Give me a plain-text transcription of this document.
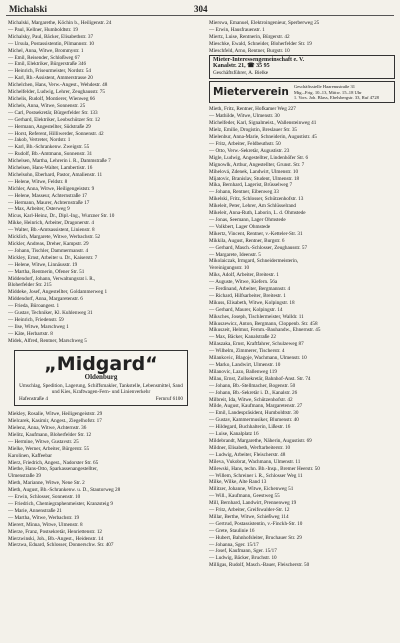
Michalski	304
Michalski, Margarethe, Köchin b., Heiligenstr. 24
— Paul, Kellner, Humboldtstr. 19
Michalsky, Paul, Bäcker, Elisabethstr. 37
— Ursula, Postassistentin, Pilmannstr. 10
Michel, Anna, Witwe, Brommystr. 1
— Emil, Reisender, Schloßweg 67
— Emil, Elektriker, Bürgerstraße 346
— Heinrich, Friseurmeister, Nordstr. 54
— Karl, Rb.-Assistent, Ammerstrasse 20
Michelchen, Hans, Verw.-Angest., Wehdestr. 48
Michelfelder, Ludwig, Lehrer, Zeughausstr. 75
Michelis, Rudolf, Montierer, Wienweg 66
Michels, Anna, Witwe, Sonnenstr. 25
— Carl, Postsekretär, Bürgerfelder Str. 133
— Gerhard, Elektriker, Leobschützer Str. 12
— Hermann, Angestellter, Südstraße 29
— Horst, Referent, Hilliwerder, Sonnenstr. 42
— Jakob, Vertreter, Nordstr. 1
— Karl, Bb.-Schrankenw. Zweigstr. 55
— Rudolf, Bb.-Amtmann, Sonnenstr. 31
Michelsen, Martha, Lehrerin i. R., Dammstraße 7
Michelsen, Hans-Walter, Lambertistr. 16
Michelsohn, Eberhard, Pastor, Amalienstr. 11
— Helene, Witwe, Feldstr. 8
Michler, Anna, Witwe, Heiligengeiststr. 9
— Helene, Masseur, Achternstraße 17
— Hermann, Maurer, Achternstraße 17
— Max, Arbeiter, Osterweg 9
Micus, Karl-Heinz, Dr., Dipl.-Ing., Wurzner Str. 10
Mikke, Heinrich, Arbeiter, Dragonerstr. 4
— Walter, Bb.-Amtsassistent, Linienstr. 8
Micklich, Margarete, Witwe, Werbachstr. 52
Mickler, Andreas, Dreher, Kampstr. 29
— Johann, Tischler, Dammermanstr. 4
Mickley, Ernst, Arbeiter u. Dr., Kaiserstr. 7
— Helene, Witwe, Linnäusstr. 19
— Martha, Rentnerin, Ofener Str. 51
Middendorf, Johann, Verwaltungsrat i. R.,
Bloherfelder Str. 215
Middeke, Josef, Angestellter, Goldammerweg 1
Middendorf, Anna, Margaretenstr. 6
— Frieda, Büroangest. 1
— Gustav, Techniker, Kl. Kuhlenweg 31
— Heinrich, Friedenstr. 59
— Ilse, Witwe, Marschweg 1
— Käte, Herbartstr. 8
Midek, Alfred, Rentner, Marschweg 5
„Midgard“
Oldenburg
Umschlag, Spedition, Lagerung, Schiffsmakler, Tankstelle, Lebensmittel, Sand und Kies, Kraftwagen-Fern- und Linienverkehr
Hafenstraße 4	Fernruf 6100
Miekley, Rosalie, Witwe, Heiligengeiststr. 29
Mielcarek, Kasimir, Angest., Ziegelhofstr. 17
Mielenz, Anna, Witwe, Achternstr. 36
Mielitz, Kaufmann, Bloherfelder Str. 12
— Hermine, Witwe, Gustavstr. 25
Mielke, Werner, Arbeiter, Bürgerstr. 55
Karolinen, Kaffeebar
Mierz, Friedrich, Angest., Nadorster Str. 65
Miethe, Hans-Otto, Sparkassenangestellter,
Ulmenstraße 39
Mieth, Marianne, Witwe, Nene Str. 2
Mieth, August, Bb.-Schrankenw. u. D., Stautorweg 28
— Erwin, Schlosser, Sonnenstr. 10
— Friedrich, Chemiegraphenmeister, Kranzsteig 9
— Marie, Annenstraße 21
— Martha, Witwe, Werbachstr. 19
Mierert, Minna, Witwe, Ulmenstr. 8
Mierze, Franz, Postsekretär, Henriettenstr. 12
Mierzwinski, Joh., Bb.-Angest., Heidenstr. 14
Mierzwa, Eduard, Schlosser, Donnerschw. Str. 407
Mierswa, Emanuel, Elektroingenieur, Sperberweg 25
— Erwin, Hausfrauenstr. 1
Miertz, Luise, Rentnerin, Bürgerstr. 42
Mieschke, Ewald, Schneider, Bloherfelder Str. 19
Mieschfeld, Arno, Rentner, Burgstr. 10
Mieter-Interessengemeinschaft e. V.
Kanalstr. 21, ☎ 35 95
Geschäftsführer, A. Bielke
Mieterverein Geschäftsstelle Haarenustraße 31
Mtg.–Frtg. 10–13, Mittw. 15–18 Uhr
1. Vors. Joh. Blass, Ebelsbergstr. 33, Ruf 4728
Mieth, Fritz, Rentner, Hofkamer Weg 227
— Mathilde, Witwe, Ulmenstr. 30
Michelfeder, Karl, Signalmeist., Wallensteinweg 41
Mielz, Emilie, Drogistin, Breslauer Str. 35
Mielenbur, Anna-Marie, Schneiderin, Augustistr. 45
— Fritz, Arbeiter, Feldbeuthstr. 50
— Otto, Verw.-Sekretär, Augustistr. 23
Migle, Ludwig, Angestellter, Lindenhöfer Str. 6
Mignowlk, Arthur, Angestellter, Grunst. Str. 7
Mihelová, Zdenek, Landwirt, Ulmenstr. 10
Mijatovic, Branislav, Student, Ulmenstr. 18
Mika, Bernhard, Lagerist, Brüsselweg 7
— Johann, Rentner, Eibenweg 33
Mikelski, Fritz, Schlosser, Schützenhofstr. 13
Mikeleit, Peter, Lehrer, Am Schlüsselrand
Mikeleit, Anna-Ruth, Laborin, L. d. Ohmstede
— Jonas, Seemann, Lager Ohmstede
— Volkbert, Lager Ohmstede
Mikertz, Vincent, Rentner, v.-Ketteler-Str. 31
Mikkila, August, Rentner, Burgstr. 6
— Gerhard, Masch.-Schlosser, Zeughausstr. 57
— Margarete, Ideenstr. 5
Mikolaiczak, Irmgard, Schneidermeisterin,
Vereinigungsstr. 10
Miks, Adolf, Arbeiter, Breitestr. 1
— Auguste, Witwe, Kiefern. 56a
— Ferdinand, Arbeiter, Bergmannstr. 4
— Richard, Hilfsarbeiter, Breitestr. 1
Mikuss, Elisabeth, Witwe, Kolpingstr. 18
— Gerhard, Maurer, Kolpingstr. 14
Miksches, Joseph, Tischlermeister, Walldr. 11
Mikuszewicz, Anton, Bergmann, Cloppenb. Str. 458
Mikuszeit, Helmut, Fernm.-Bauhandw., Ehnernstr. 45
— Max, Bäcker, Kanalstraße 22
Milaszaka, Ernst, Kraftfahrer, Schulzeweg 87
— Wilhelm, Zimmerer, Tischerstr. 4
Milankovic, Blagoje, Wachmann, Ulmenstr. 10
— Marko, Landwirt, Ulmenstr. 10
Milanovic, Lazo, Ballenweg 119
Milau, Ernst, Zollsekretär, Bahnhof-Anst. Str. 74
— Johann, Bb.-Stellmacher, Bogenstr. 50
— Johann, Bb.-Sekretär i. D., Kanalstr. 26
Milbreit, Ida, Witwe, Schützenhofstr. 42
Milde, August, Kaufmann, Margaretenstr. 27
— Emil, Landespräsident, Humboldtstr. 30
— Gustav, Kammermusiker, Blumenstr. 40
— Hildegard, Buchhalterin, Lißestr. 16
— Luise, Kanalplatz 16
Mildebrandt, Margarethe, Näherin, Augustistr. 69
Mildner, Elisabeth, Werftarbeiterstr. 10
— Ludwig, Arbeiter, Fleischerstr. 48
Mileva, Vukobrat, Wachmann, Ulmenstr. 11
Milewski, Hans, techn. Bb.-Insp., Bremer Heerstr. 50
— Willem, Schreiner i. R., Schlosser Weg 11
Milke, Wilke, Alte Rand 13
Militzer, Johanne, Witwe, Eichenweg 51
— Will., Kaufmann, Geestweg 55
Mill, Bernhard, Landwirt, Prennenweg 19
— Fritz, Arbeiter, Greifswalder-Str. 12
Millar, Berthe, Witwe, Schießweg 114
— Gertrud, Postassistentin, v.-Finckh-Str. 10
— Grete, Staulinie 16
— Hubert, Bahnhofsleiter, Bruchauer Str. 29
— Johanna, Sger. 15/17
— Josef, Kaufmann, Sger. 15/17
— Ludwig, Bäcker, Bruchstr. 10
Milligas, Rudolf, Masch.-Bauer, Fleischerstr. 50
